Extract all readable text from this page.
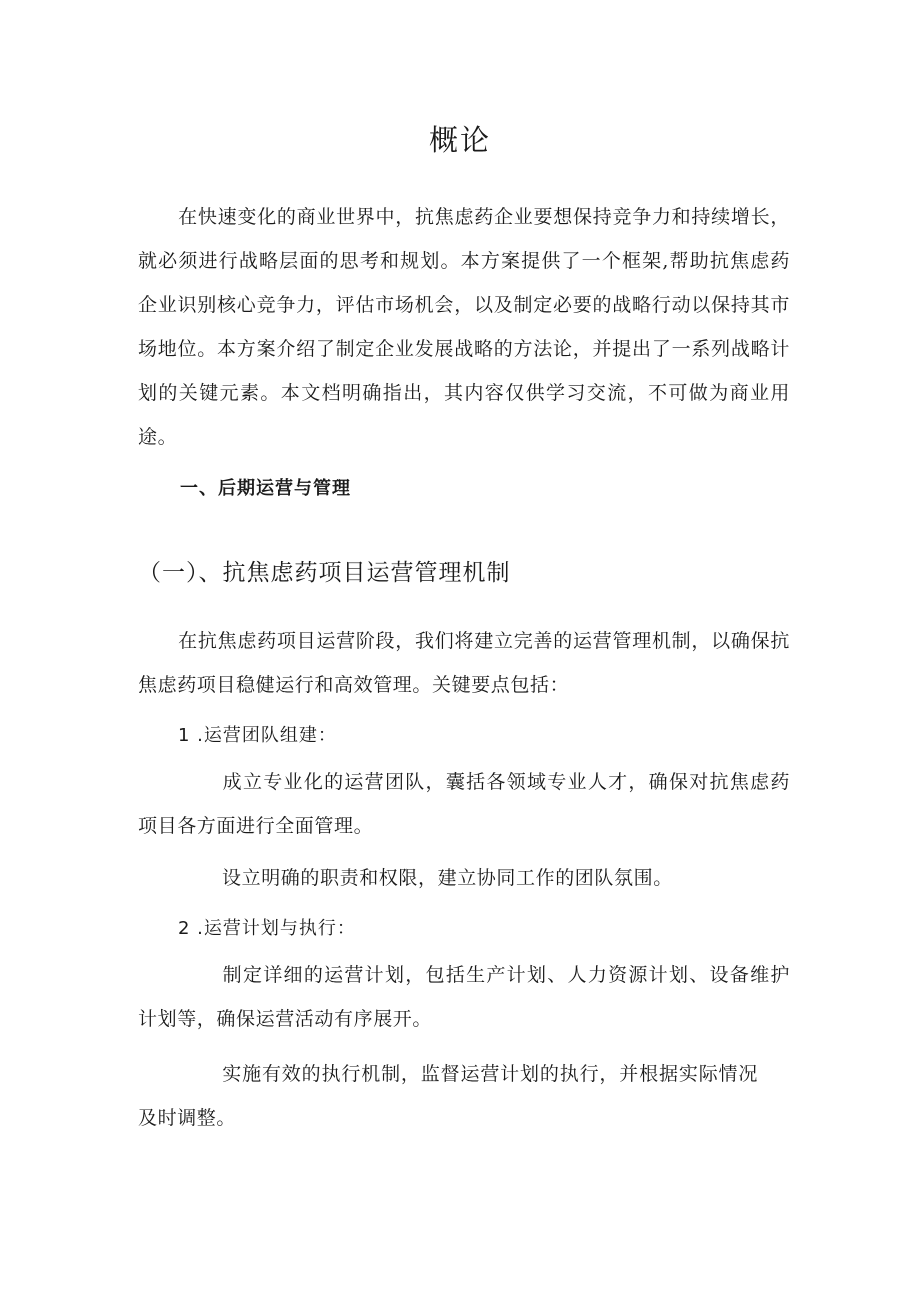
概论

在快速变化的商业世界中，抗焦虑药企业要想保持竞争力和持续增长，就必须进行战略层面的思考和规划。本方案提供了一个框架,帮助抗焦虑药企业识别核心竞争力，评估市场机会，以及制定必要的战略行动以保持其市场地位。本方案介绍了制定企业发展战略的方法论，并提出了一系列战略计划的关键元素。本文档明确指出，其内容仅供学习交流，不可做为商业用途。

一、后期运营与管理
（一）、抗焦虑药项目运营管理机制

在抗焦虑药项目运营阶段，我们将建立完善的运营管理机制，以确保抗焦虑药项目稳健运行和高效管理。关键要点包括：

1 .运营团队组建：

成立专业化的运营团队，囊括各领域专业人才，确保对抗焦虑药项目各方面进行全面管理。

设立明确的职责和权限，建立协同工作的团队氛围。

2 .运营计划与执行：

制定详细的运营计划，包括生产计划、人力资源计划、设备维护计划等，确保运营活动有序展开。

实施有效的执行机制，监督运营计划的执行，并根据实际情况及时调整。
